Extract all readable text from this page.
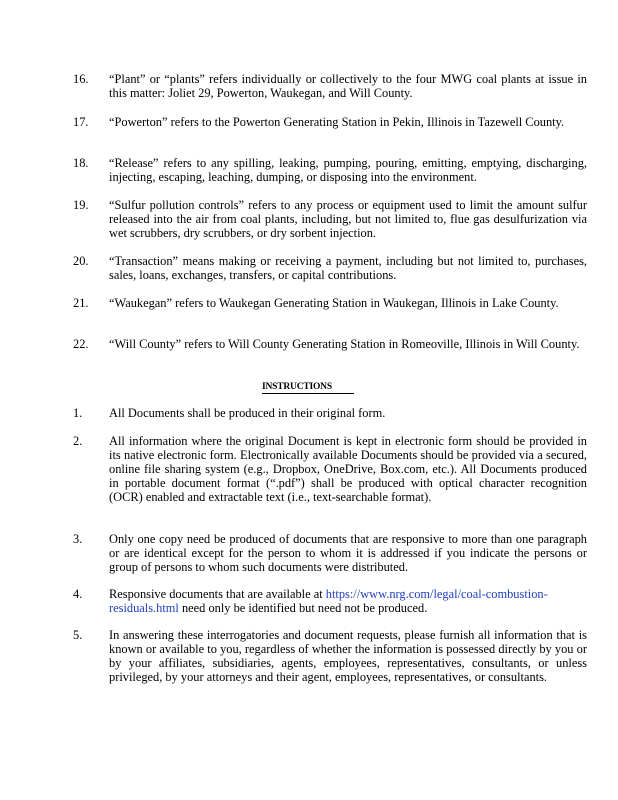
16.	“Plant” or “plants” refers individually or collectively to the four MWG coal plants at issue in this matter: Joliet 29, Powerton, Waukegan, and Will County.
17.	“Powerton” refers to the Powerton Generating Station in Pekin, Illinois in Tazewell County.
18.	“Release” refers to any spilling, leaking, pumping, pouring, emitting, emptying, discharging, injecting, escaping, leaching, dumping, or disposing into the environment.
19.	“Sulfur pollution controls” refers to any process or equipment used to limit the amount sulfur released into the air from coal plants, including, but not limited to, flue gas desulfurization via wet scrubbers, dry scrubbers, or dry sorbent injection.
20.	“Transaction” means making or receiving a payment, including but not limited to, purchases, sales, loans, exchanges, transfers, or capital contributions.
21.	“Waukegan” refers to Waukegan Generating Station in Waukegan, Illinois in Lake County.
22.	“Will County” refers to Will County Generating Station in Romeoville, Illinois in Will County.
INSTRUCTIONS
1.	All Documents shall be produced in their original form.
2.	All information where the original Document is kept in electronic form should be provided in its native electronic form. Electronically available Documents should be provided via a secured, online file sharing system (e.g., Dropbox, OneDrive, Box.com, etc.). All Documents produced in portable document format (“.pdf”) shall be produced with optical character recognition (OCR) enabled and extractable text (i.e., text-searchable format).
3.	Only one copy need be produced of documents that are responsive to more than one paragraph or are identical except for the person to whom it is addressed if you indicate the persons or group of persons to whom such documents were distributed.
4.	Responsive documents that are available at https://www.nrg.com/legal/coal-combustion-residuals.html need only be identified but need not be produced.
5.	In answering these interrogatories and document requests, please furnish all information that is known or available to you, regardless of whether the information is possessed directly by you or by your affiliates, subsidiaries, agents, employees, representatives, consultants, or unless privileged, by your attorneys and their agent, employees, representatives, or consultants.
